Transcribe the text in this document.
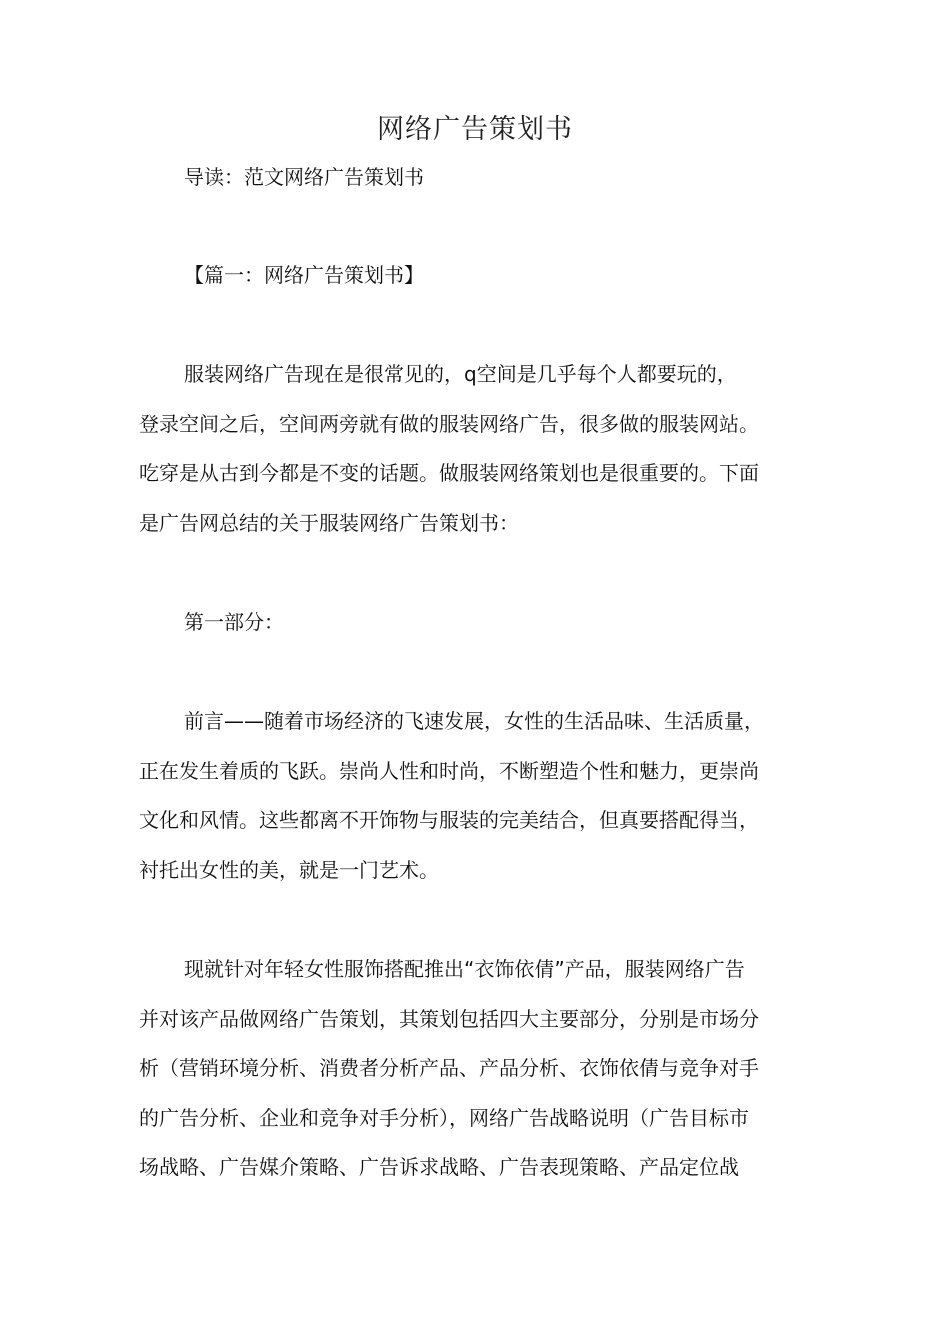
网络广告策划书
导读：范文网络广告策划书
【篇一：网络广告策划书】
服装网络广告现在是很常见的，q空间是几乎每个人都要玩的，
登录空间之后，空间两旁就有做的服装网络广告，很多做的服装网站。
吃穿是从古到今都是不变的话题。做服装网络策划也是很重要的。下面
是广告网总结的关于服装网络广告策划书：
第一部分：
前言——随着市场经济的飞速发展，女性的生活品味、生活质量，
正在发生着质的飞跃。崇尚人性和时尚，不断塑造个性和魅力，更崇尚
文化和风情。这些都离不开饰物与服装的完美结合，但真要搭配得当，
衬托出女性的美，就是一门艺术。
现就针对年轻女性服饰搭配推出“衣饰依倩”产品，服装网络广告
并对该产品做网络广告策划，其策划包括四大主要部分，分别是市场分
析（营销环境分析、消费者分析产品、产品分析、衣饰依倩与竞争对手
的广告分析、企业和竞争对手分析），网络广告战略说明（广告目标市
场战略、广告媒介策略、广告诉求战略、广告表现策略、产品定位战
